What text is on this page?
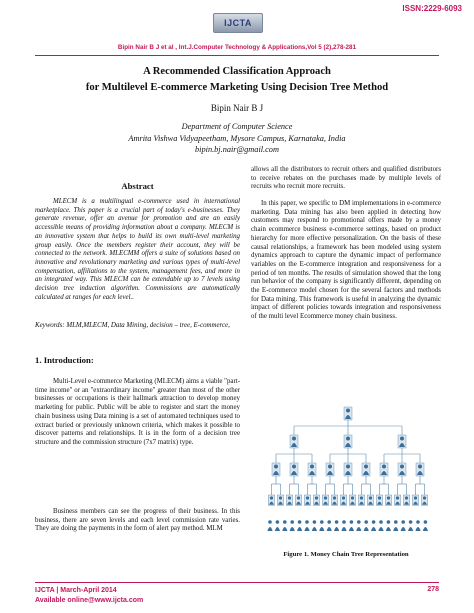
ISSN:2229-6093
IJCTA
Bipin Nair B J et al , Int.J.Computer Technology & Applications,Vol 5 (2),278-281
A Recommended Classification Approach
for Multilevel E-commerce Marketing Using Decision Tree Method
Bipin Nair B J
Department of Computer Science
Amrita Vishwa Vidyapeetham, Mysore Campus, Karnataka, India
bipin.bj.nair@gmail.com
Abstract

MLECM is a multilingual e-commerce used in international marketplace. This paper is a crucial part of today's e-businesses. They generate revenue, offer an avenue for promotion and are an easily accessible means of providing information about a company. MLECM is an innovative system that helps to build its own multi-level marketing group easily. Once the members register their account, they will be connected to the network. MLECMM offers a suite of solutions based on innovative and revolutionary marketing and various types of multi-level compensation, affiliations to the system, management fees, and more in an integrated way. This MLECM can be extendable up to 7 levels using decision tree induction algorithm. Commissions are automatically calculated at ranges for each level..

Keywords: MLM,MLECM, Data Mining, decision – tree, E-commerce,

1. Introduction:

Multi-Level e-commerce Marketing (MLECM) aims a viable "part-time income" or an "extraordinary income" greater than most of the other businesses or occupations is their hallmark attraction to develop money marketing for public. Public will be able to register and start the money chain business using Data mining is a set of automated techniques used to extract buried or previously unknown criteria, which makes it possible to discover patterns and relationships. It is in the form of a decision tree structure and the commission structure (7x7 matrix) type.

Business members can see the progress of their business. In this business, there are seven levels and each level commission rate varies. They are doing the payments in the form of alert pay method. MLM

allows all the distributors to recruit others and qualified distributors to receive rebates on the purchases made by multiple levels of recruits who recruit more recruits.

In this paper, we specific to DM implementations in e-commerce marketing. Data mining has also been applied in detecting how customers may respond to promotional offers made by a money chain ecommerce business e-commerce settings, based on product hierarchy for more effective personalization. On the basis of these causal relationships, a framework has been modeled using system dynamics approach to capture the dynamic impact of performance variables on the E-commerce integration and responsiveness for a period of ten months. The results of simulation showed that the long run behavior of the company is significantly different, depending on the E-commerce model chosen for the several factors and methods for Data mining. This framework is useful in analyzing the dynamic impact of different policies towards integration and responsiveness of the multi level Ecommerce money chain business.

Figure 1. Money Chain Tree Representation
IJCTA | March-April 2014
Available online@www.ijcta.com
278
